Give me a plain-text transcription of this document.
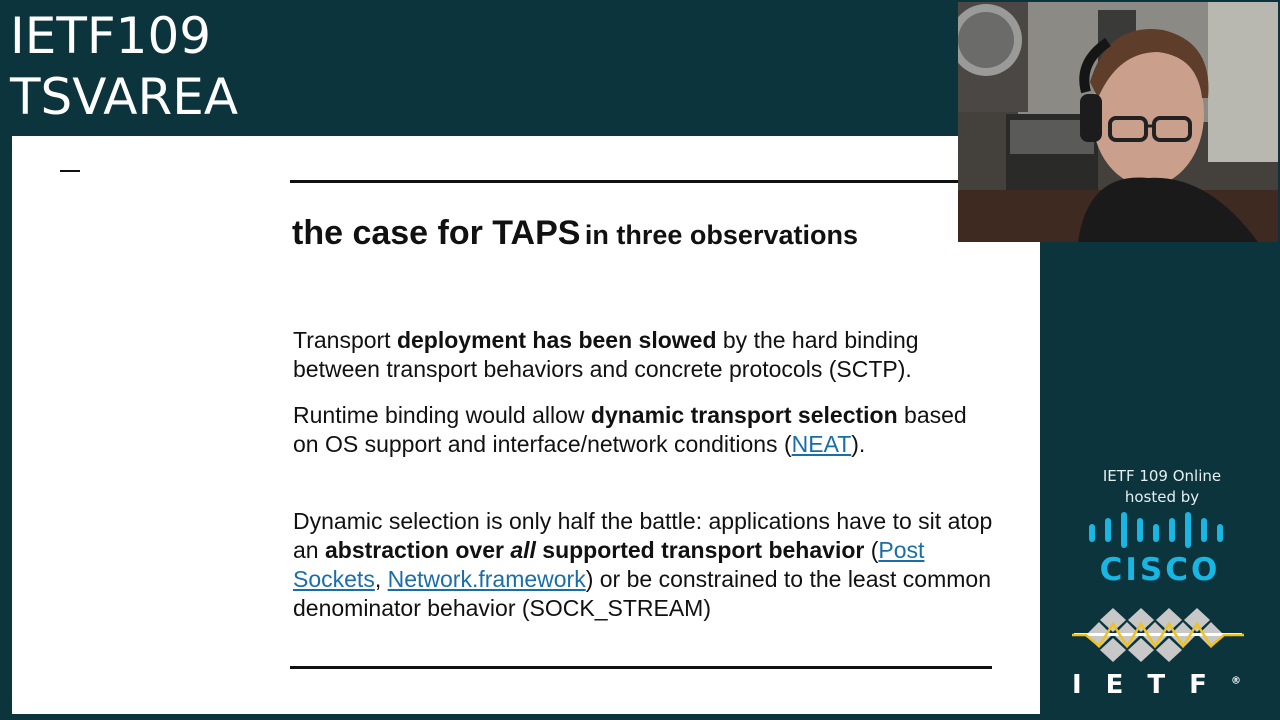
IETF109
TSVAREA
the case for TAPS in three observations
Transport deployment has been slowed by the hard binding between transport behaviors and concrete protocols (SCTP).
Runtime binding would allow dynamic transport selection based on OS support and interface/network conditions (NEAT).
Dynamic selection is only half the battle: applications have to sit atop an abstraction over all supported transport behavior (Post Sockets, Network.framework) or be constrained to the least common denominator behavior (SOCK_STREAM)
IETF 109 Online
hosted by
CISCO
IETF®
